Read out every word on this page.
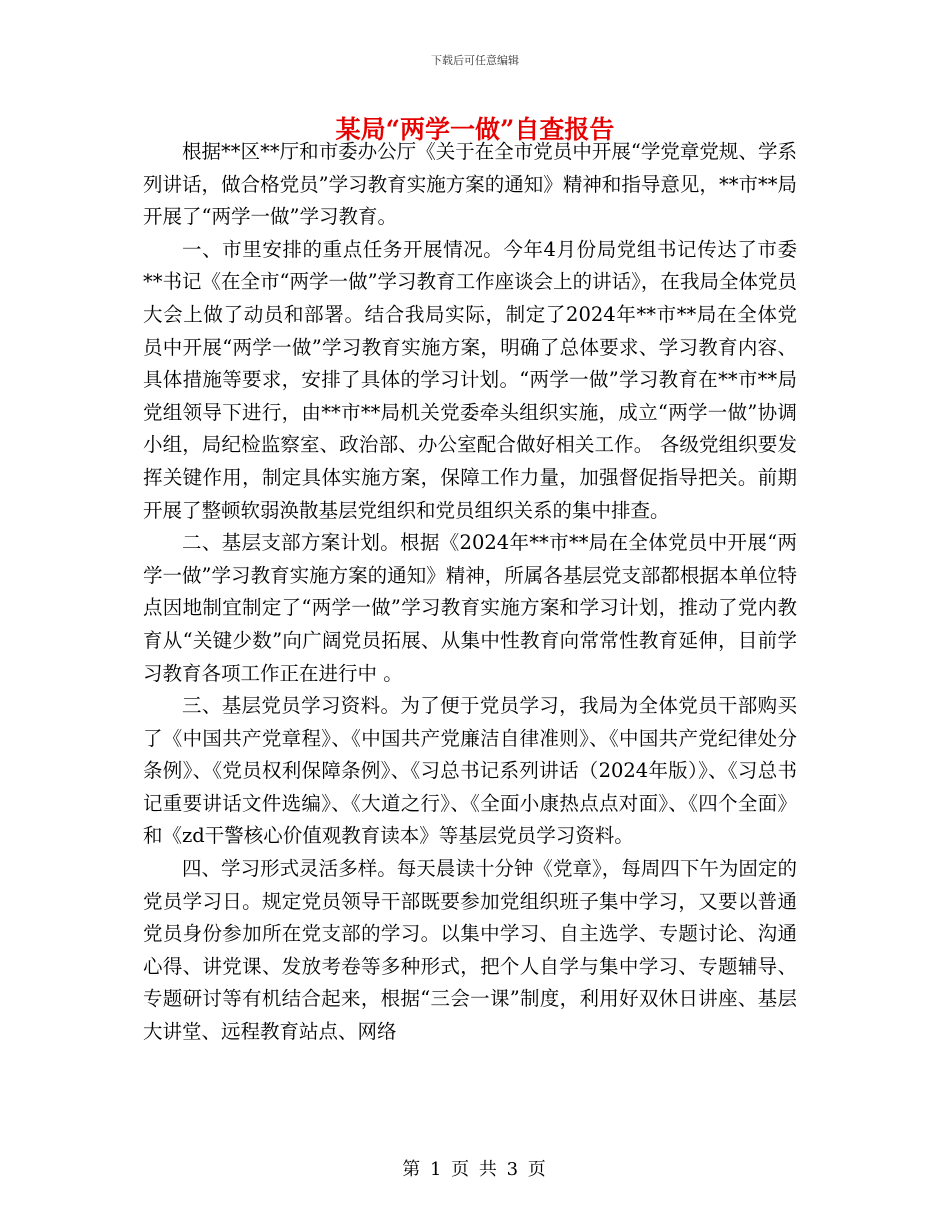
下载后可任意编辑
某局“两学一做”自查报告

根据**区**厅和市委办公厅《关于在全市党员中开展“学党章党规、学系列讲话，做合格党员”学习教育实施方案的通知》精神和指导意见，**市**局开展了“两学一做”学习教育。

一、市里安排的重点任务开展情况。今年4月份局党组书记传达了市委**书记《在全市“两学一做”学习教育工作座谈会上的讲话》，在我局全体党员大会上做了动员和部署。结合我局实际，制定了2024年**市**局在全体党员中开展“两学一做”学习教育实施方案，明确了总体要求、学习教育内容、具体措施等要求，安排了具体的学习计划。“两学一做”学习教育在**市**局党组领导下进行，由**市**局机关党委牵头组织实施，成立“两学一做”协调小组，局纪检监察室、政治部、办公室配合做好相关工作。 各级党组织要发挥关键作用，制定具体实施方案，保障工作力量，加强督促指导把关。前期开展了整顿软弱涣散基层党组织和党员组织关系的集中排查。

二、基层支部方案计划。根据《2024年**市**局在全体党员中开展“两学一做”学习教育实施方案的通知》精神，所属各基层党支部都根据本单位特点因地制宜制定了“两学一做”学习教育实施方案和学习计划，推动了党内教育从“关键少数”向广阔党员拓展、从集中性教育向常常性教育延伸，目前学习教育各项工作正在进行中 。

三、基层党员学习资料。为了便于党员学习，我局为全体党员干部购买了《中国共产党章程》、《中国共产党廉洁自律准则》、《中国共产党纪律处分条例》、《党员权利保障条例》、《习总书记系列讲话（2024年版）》、《习总书记重要讲话文件选编》、《大道之行》、《全面小康热点点对面》、《四个全面》和《zd干警核心价值观教育读本》等基层党员学习资料。

四、学习形式灵活多样。每天晨读十分钟《党章》，每周四下午为固定的党员学习日。规定党员领导干部既要参加党组织班子集中学习，又要以普通党员身份参加所在党支部的学习。以集中学习、自主选学、专题讨论、沟通心得、讲党课、发放考卷等多种形式，把个人自学与集中学习、专题辅导、专题研讨等有机结合起来，根据“三会一课”制度，利用好双休日讲座、基层大讲堂、远程教育站点、网络

第 1 页 共 3 页
